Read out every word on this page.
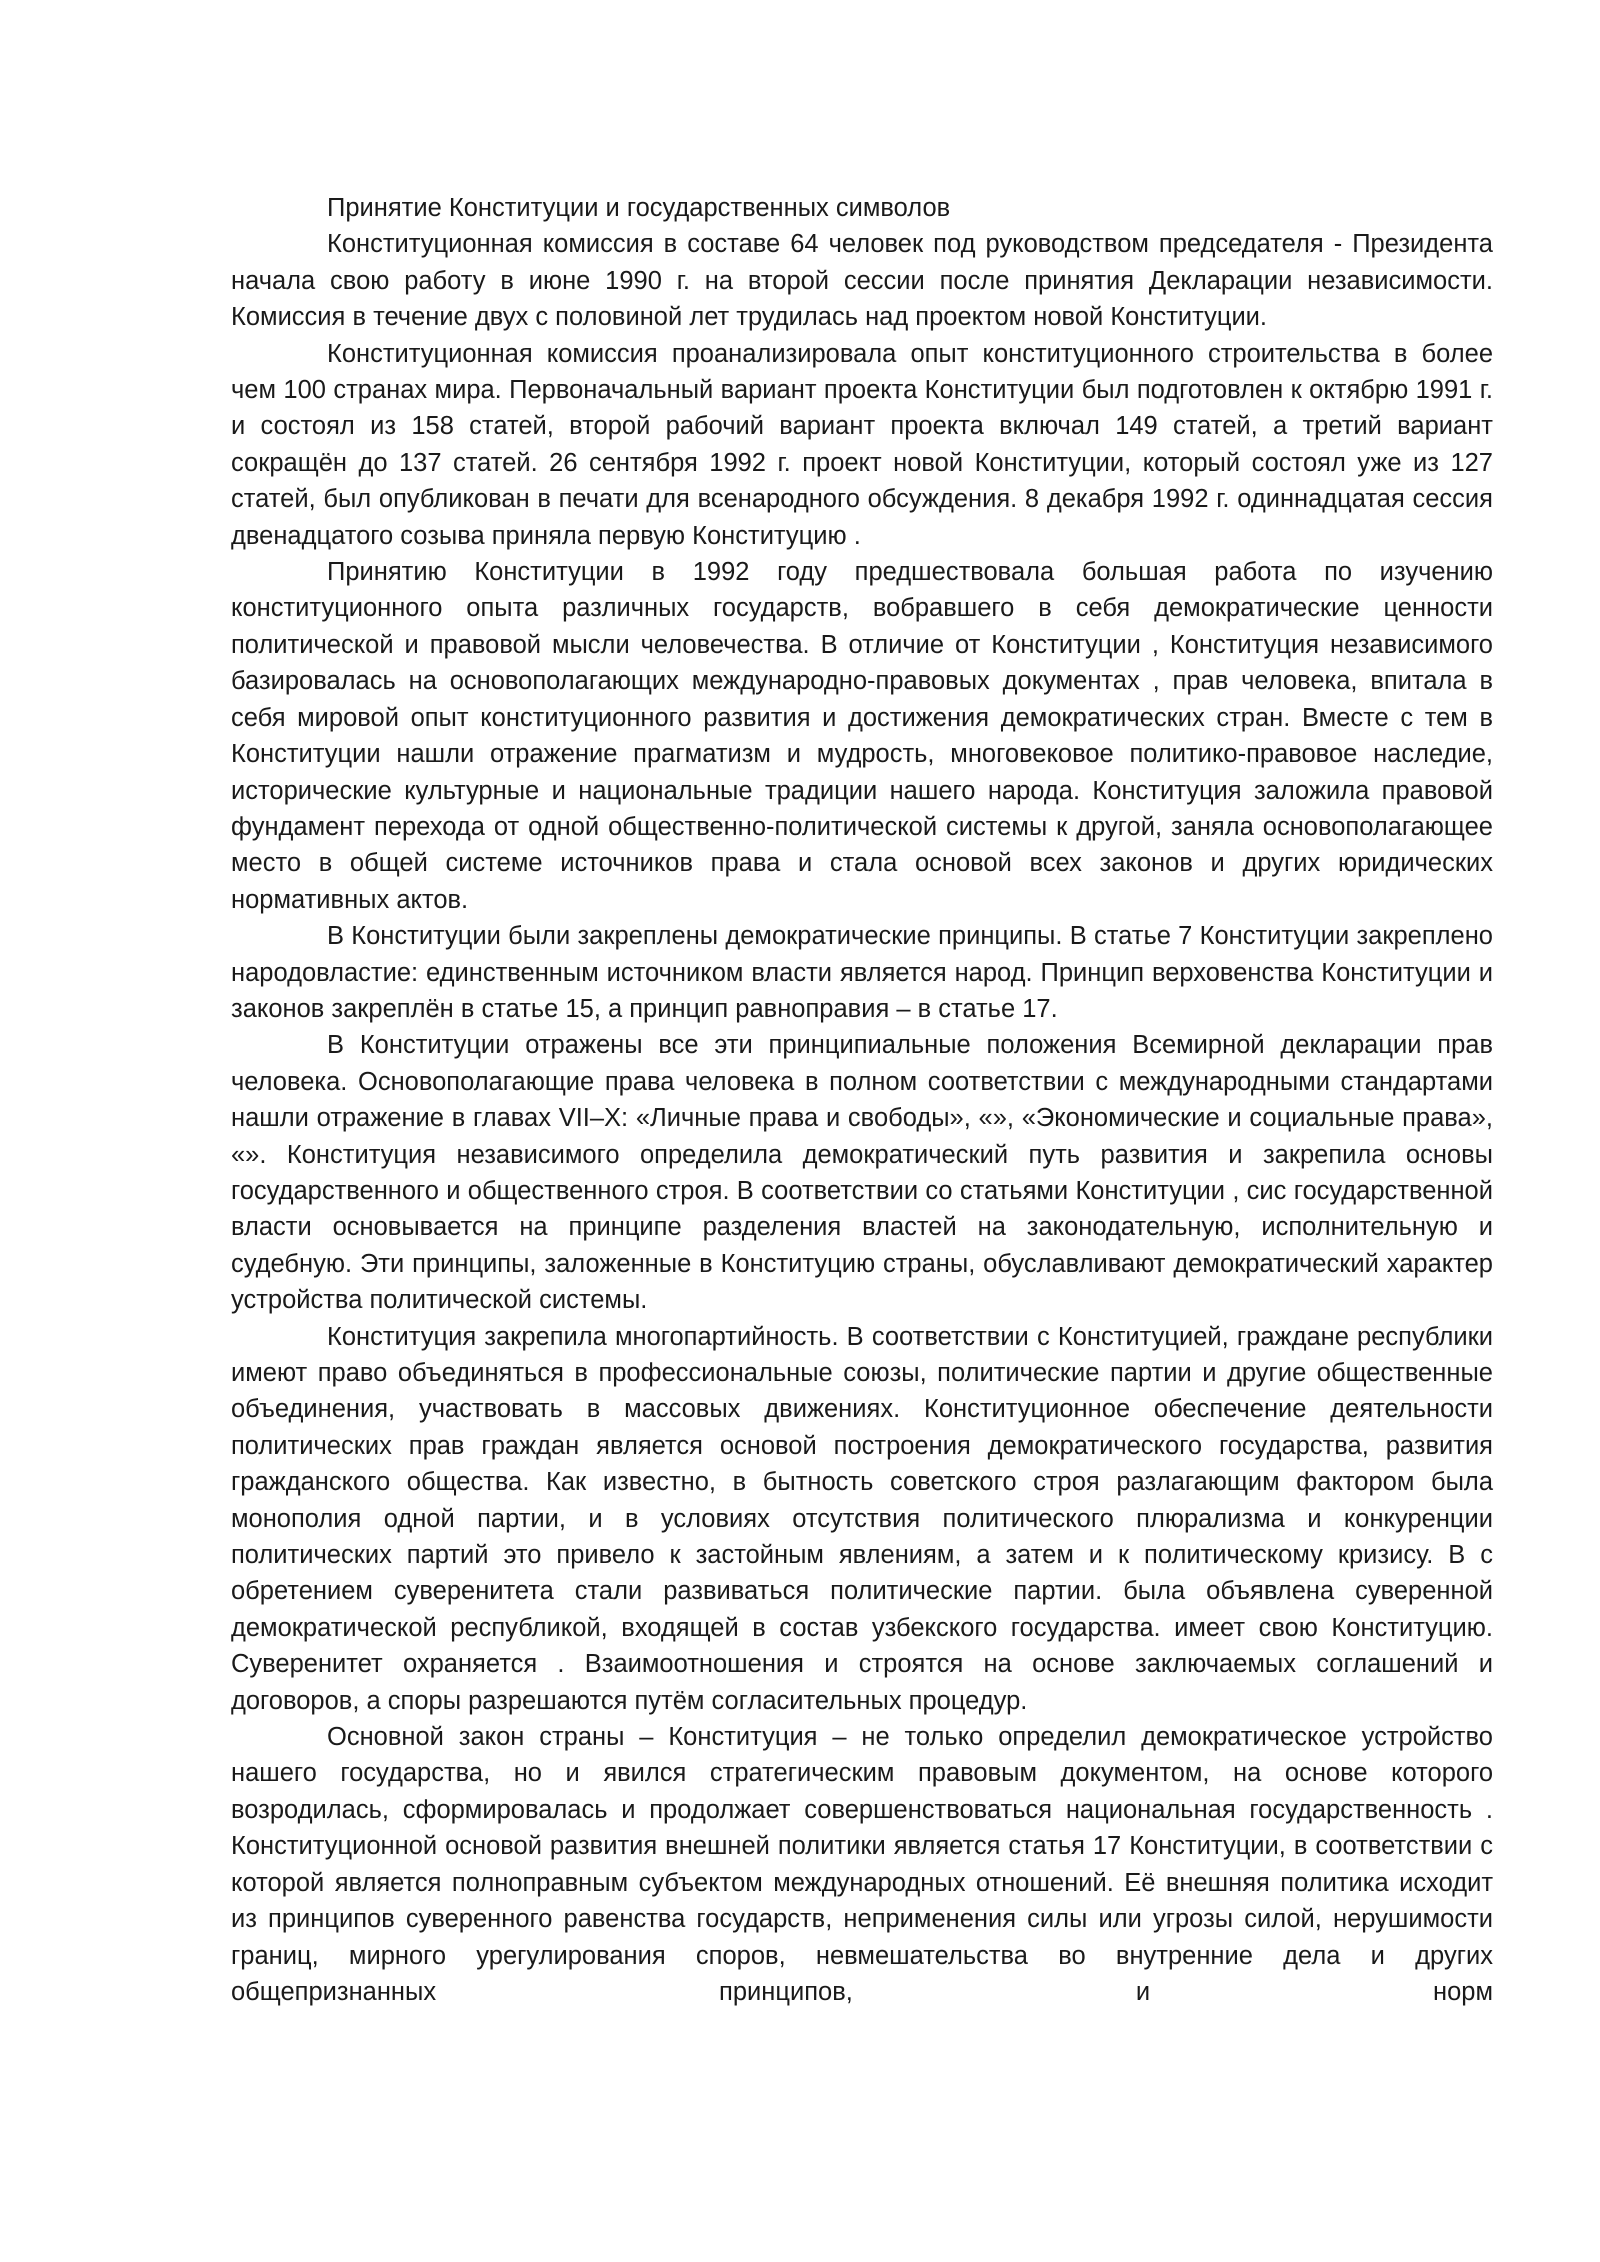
Принятие Конституции и государственных символов

Конституционная комиссия в составе 64 человек под руководством председателя - Президента начала свою работу в июне 1990 г. на второй сессии после принятия Декларации независимости. Комиссия в течение двух с половиной лет трудилась над проектом новой Конституции.

Конституционная комиссия проанализировала опыт конституционного строительства в более чем 100 странах мира. Первоначальный вариант проекта Конституции был подготовлен к октябрю 1991 г. и состоял из 158 статей, второй рабочий вариант проекта включал 149 статей, а третий вариант сокращён до 137 статей. 26 сентября 1992 г. проект новой Конституции, который состоял уже из 127 статей, был опубликован в печати для всенародного обсуждения. 8 декабря 1992 г. одиннадцатая сессия двенадцатого созыва приняла первую Конституцию .

Принятию Конституции в 1992 году предшествовала большая работа по изучению конституционного опыта различных государств, вобравшего в себя демократические ценности политической и правовой мысли человечества. В отличие от Конституции , Конституция независимого базировалась на основополагающих международно-правовых документах , прав человека, впитала в себя мировой опыт конституционного развития и достижения демократических стран. Вместе с тем в Конституции нашли отражение прагматизм и мудрость, многовековое политико-правовое наследие, исторические культурные и национальные традиции нашего народа. Конституция заложила правовой фундамент перехода от одной общественно-политической системы к другой, заняла основополагающее место в общей системе источников права и стала основой всех законов и других юридических нормативных актов.

В Конституции были закреплены демократические принципы. В статье 7 Конституции закреплено народовластие: единственным источником власти является народ. Принцип верховенства Конституции и законов закреплён в статье 15, а принцип равноправия – в статье 17.

В Конституции отражены все эти принципиальные положения Всемирной декларации прав человека. Основополагающие права человека в полном соответствии с международными стандартами нашли отражение в главах VII–X: «Личные права и свободы», «», «Экономические и социальные права», «». Конституция независимого определила демократический путь развития и закрепила основы государственного и общественного строя. В соответствии со статьями Конституции , сис государственной власти основывается на принципе разделения властей на законодательную, исполнительную и судебную. Эти принципы, заложенные в Конституцию страны, обуславливают демократический характер устройства политической системы.

Конституция закрепила многопартийность. В соответствии с Конституцией, граждане республики имеют право объединяться в профессиональные союзы, политические партии и другие общественные объединения, участвовать в массовых движениях. Конституционное обеспечение деятельности политических прав граждан является основой построения демократического государства, развития гражданского общества. Как известно, в бытность советского строя разлагающим фактором была монополия одной партии, и в условиях отсутствия политического плюрализма и конкуренции политических партий это привело к застойным явлениям, а затем и к политическому кризису. В с обретением суверенитета стали развиваться политические партии. была объявлена суверенной демократической республикой, входящей в состав узбекского государства. имеет свою Конституцию. Суверенитет охраняется . Взаимоотношения и строятся на основе заключаемых соглашений и договоров, а споры разрешаются путём согласительных процедур.

Основной закон страны – Конституция – не только определил демократическое устройство нашего государства, но и явился стратегическим правовым документом, на основе которого возродилась, сформировалась и продолжает совершенствоваться национальная государственность . Конституционной основой развития внешней политики является статья 17 Конституции, в соответствии с которой является полноправным субъектом международных отношений. Её внешняя политика исходит из принципов суверенного равенства государств, неприменения силы или угрозы силой, нерушимости границ, мирного урегулирования споров, невмешательства во внутренние дела и других общепризнанных принципов, и норм
